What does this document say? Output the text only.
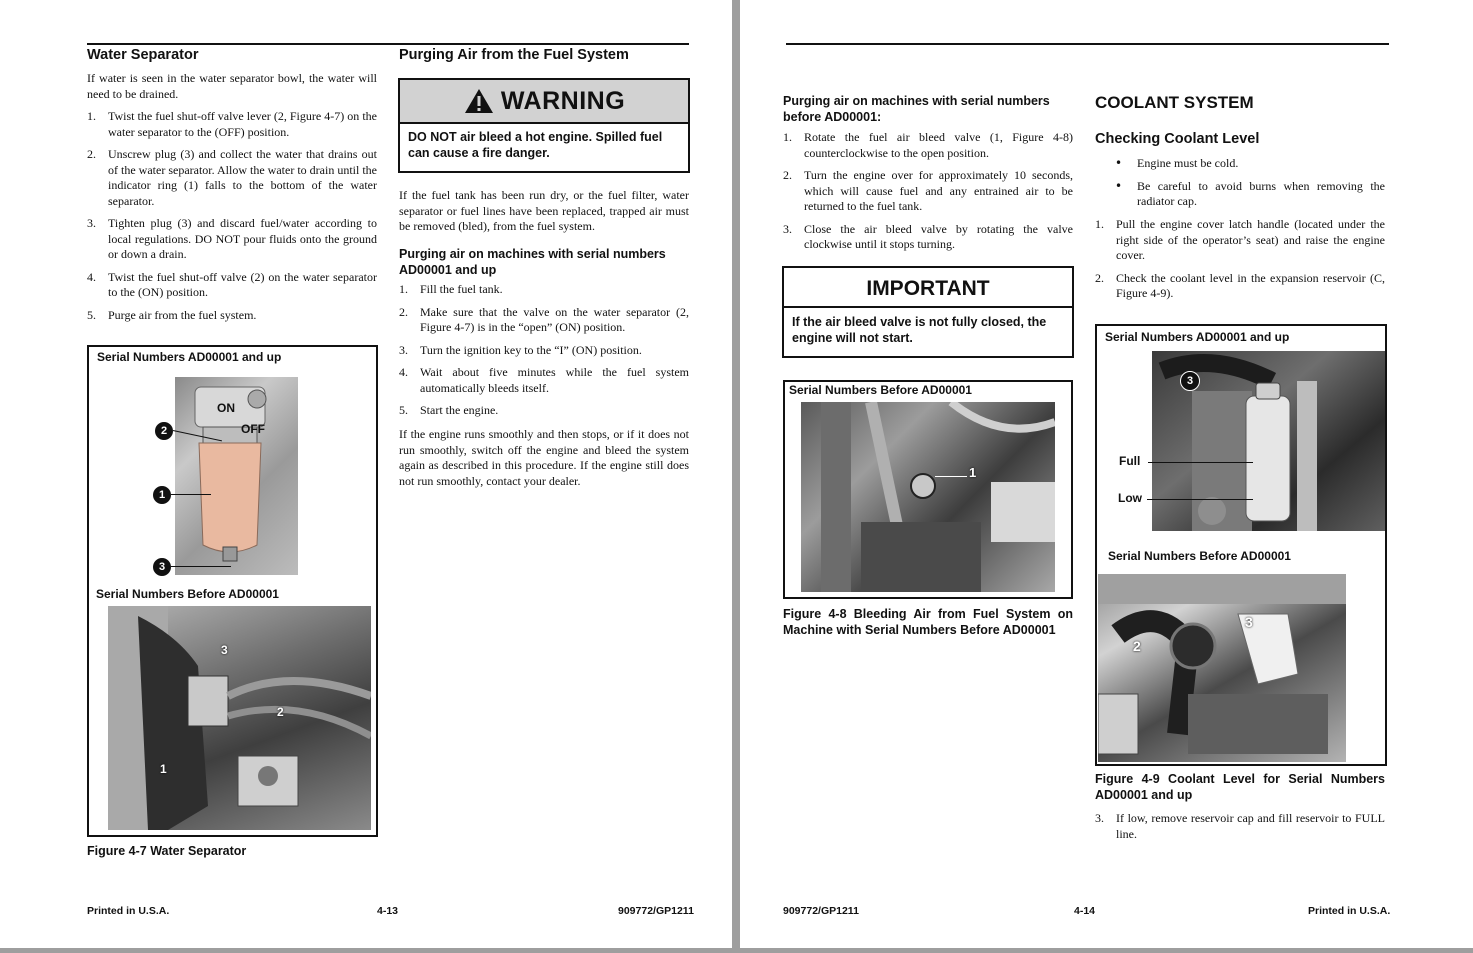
Water Separator
If water is seen in the water separator bowl, the water will need to be drained.
1. Twist the fuel shut-off valve lever (2, Figure 4-7) on the water separator to the (OFF) position.
2. Unscrew plug (3) and collect the water that drains out of the water separator. Allow the water to drain until the indicator ring (1) falls to the bottom of the water separator.
3. Tighten plug (3) and discard fuel/water according to local regulations. DO NOT pour fluids onto the ground or down a drain.
4. Twist the fuel shut-off valve (2) on the water separator to the (ON) position.
5. Purge air from the fuel system.
Serial Numbers AD00001 and up
ON
OFF
2
1
3
Serial Numbers Before AD00001
3
2
1
Figure 4-7 Water Separator
Purging Air from the Fuel System
WARNING
DO NOT air bleed a hot engine. Spilled fuel can cause a fire danger.
If the fuel tank has been run dry, or the fuel filter, water separator or fuel lines have been replaced, trapped air must be removed (bled), from the fuel system.
Purging air on machines with serial numbers AD00001 and up
1. Fill the fuel tank.
2. Make sure that the valve on the water separator (2, Figure 4-7) is in the “open” (ON) position.
3. Turn the ignition key to the “I” (ON) position.
4. Wait about five minutes while the fuel system automatically bleeds itself.
5. Start the engine.
If the engine runs smoothly and then stops, or if it does not run smoothly, switch off the engine and bleed the system again as described in this procedure. If the engine still does not run smoothly, contact your dealer.
Printed in U.S.A.	4-13	909772/GP1211
Purging air on machines with serial numbers before AD00001:
1. Rotate the fuel air bleed valve (1, Figure 4-8) counterclockwise to the open position.
2. Turn the engine over for approximately 10 seconds, which will cause fuel and any entrained air to be returned to the fuel tank.
3. Close the air bleed valve by rotating the valve clockwise until it stops turning.
IMPORTANT
If the air bleed valve is not fully closed, the engine will not start.
Serial Numbers Before AD00001
1
Figure 4-8 Bleeding Air from Fuel System on Machine with Serial Numbers Before AD00001
COOLANT SYSTEM
Checking Coolant Level
• Engine must be cold.
• Be careful to avoid burns when removing the radiator cap.
1. Pull the engine cover latch handle (located under the right side of the operator’s seat) and raise the engine cover.
2. Check the coolant level in the expansion reservoir (C, Figure 4-9).
Serial Numbers AD00001 and up
3
Full
Low
Serial Numbers Before AD00001
3
2
Figure 4-9 Coolant Level for Serial Numbers AD00001 and up
3. If low, remove reservoir cap and fill reservoir to FULL line.
909772/GP1211	4-14	Printed in U.S.A.
